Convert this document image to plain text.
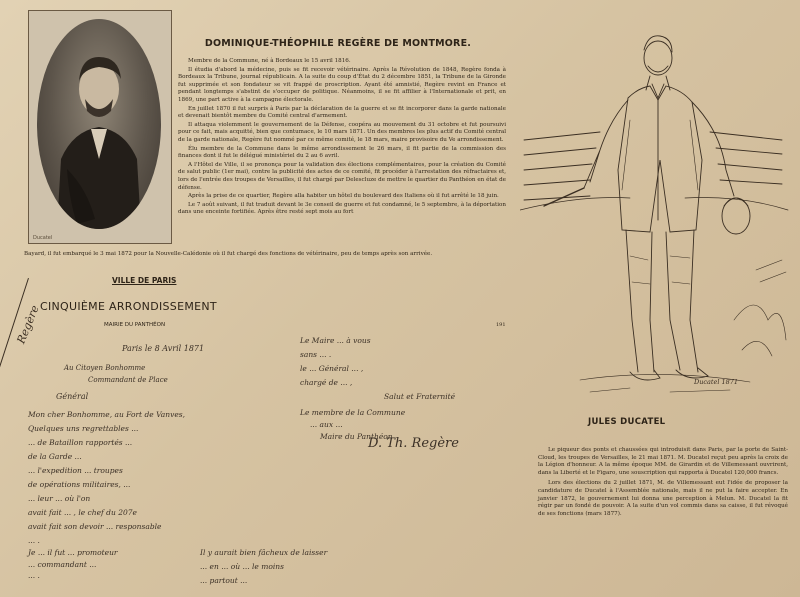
Ducatel
DOMINIQUE-THÉOPHILE REGÈRE DE MONTMORE.

Membre de la Commune, né à Bordeaux le 15 avril 1816.

Il étudia d'abord la médecine, puis se fit recevoir vétérinaire. Après la Révolution de 1848, Regère fonda à Bordeaux la Tribune, journal républicain. A la suite du coup d'État du 2 décembre 1851, la Tribune de la Gironde fut supprimée et son fondateur se vit frappé de proscription. Ayant été amnistié, Regère revint en France et pendant longtemps s'abstint de s'occuper de politique. Néanmoins, il se fit affilier à l'Internationale et prit, en 1869, une part active à la campagne électorale.

En juillet 1870 il fut surpris à Paris par la déclaration de la guerre et se fit incorporer dans la garde nationale et devenait bientôt membre du Comité central d'armement.

Il attaqua violemment le gouvernement de la Défense, coopéra au mouvement du 31 octobre et fut poursuivi pour ce fait, mais acquitté, bien que contumace, le 10 mars 1871. Un des membres les plus actif du Comité central de la garde nationale, Regère fut nommé par ce même comité, le 18 mars, maire provisoire du Ve arrondissement.

Élu membre de la Commune dans le même arrondissement le 26 mars, il fit partie de la commission des finances dont il fut le délégué ministériel du 2 au 6 avril.

A l'Hôtel de Ville, il se prononça pour la validation des élections complémentaires, pour la création du Comité de salut public (1er mai), contre la publicité des actes de ce comité, fit procéder à l'arrestation des réfractaires et, lors de l'entrée des troupes de Versailles, il fut chargé par Delescluze de mettre le quartier du Panthéon en état de défense.

Après la prise de ce quartier, Regère alla habiter un hôtel du boulevard des Italiens où il fut arrêté le 18 juin.

Le 7 août suivant, il fut traduit devant le 3e conseil de guerre et fut condamné, le 5 septembre, à la déportation dans une enceinte fortifiée. Après être resté sept mois au fort

Bayard, il fut embarqué le 3 mai 1872 pour la Nouvelle-Calédonie où il fut chargé des fonctions de vétérinaire, peu de temps après son arrivée.
Regère
VILLE DE PARIS
CINQUIÈME ARRONDISSEMENT
MAIRIE DU PANTHÉON	191
Paris le 8 Avril 1871
Au Citoyen Bonhomme
Commandant de Place
Général
Mon cher Bonhomme, au Fort de Vanves,
Quelques uns regrettables ...
... de Bataillon rapportés ...
de la Garde ...
... l'expedition ... troupes
de opérations militaires, ...
... leur ... où l'on
avait fait ... , le chef du 207e
avait fait son devoir ... responsable
... .
Je ... il fut ... promoteur
... commandant ...
... .
Il y aurait bien fâcheux de laisser
... en ... où ... le moins
... partout ...
Le Maire ... à vous
sans ... .
le ... Général ... ,
chargé de ... ,
Salut et Fraternité
Le membre de la Commune
... aux ...
Maire du Panthéon
D. Th. Regère
Ducatel 1871
JULES DUCATEL

Le piqueur des ponts et chaussées qui introduisit dans Paris, par la porte de Saint-Cloud, les troupes de Versailles, le 21 mai 1871. M. Ducatel reçut peu après la croix de la Légion d'honneur. A la même époque MM. de Girardin et de Villemessant ouvrirent, dans la Liberté et le Figaro, une souscription qui rapporta à Ducatel 120,000 francs.

Lors des élections du 2 juillet 1871, M. de Villemessant eut l'idée de proposer la candidature de Ducatel à l'Assemblée nationale, mais il ne put la faire accepter. En janvier 1872, le gouvernement lui donna une perception à Melun. M. Ducatel la fit régir par un fondé de pouvoir. A la suite d'un vol commis dans sa caisse, il fut révoqué de ses fonctions (mars 1877).
